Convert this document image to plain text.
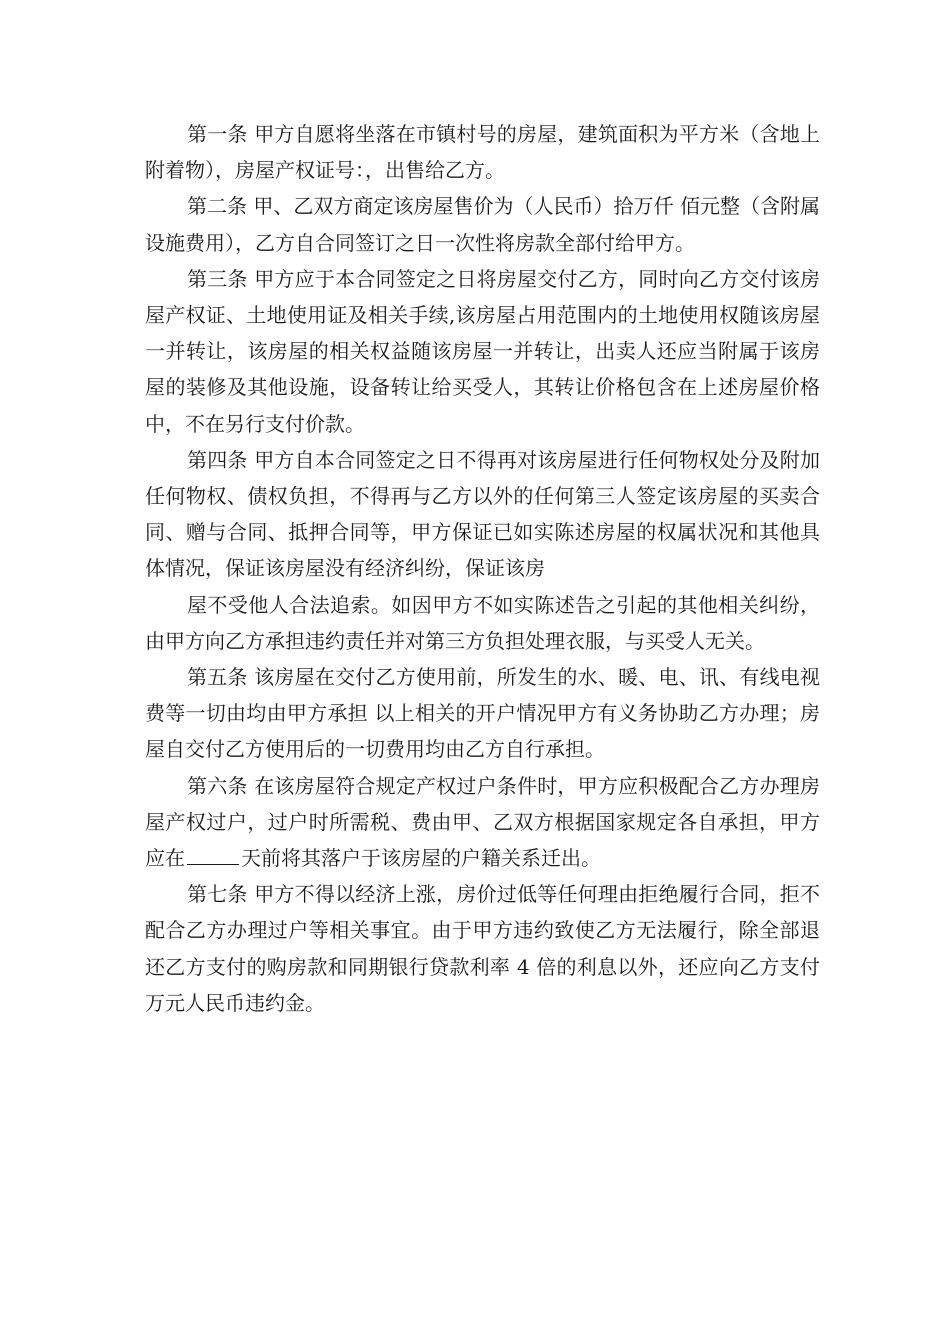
第一条 甲方自愿将坐落在市镇村号的房屋，建筑面积为平方米（含地上附着物），房屋产权证号：，出售给乙方。

第二条 甲、乙双方商定该房屋售价为（人民币）拾万仟 佰元整（含附属设施费用），乙方自合同签订之日一次性将房款全部付给甲方。

第三条 甲方应于本合同签定之日将房屋交付乙方，同时向乙方交付该房屋产权证、土地使用证及相关手续,该房屋占用范围内的土地使用权随该房屋一并转让，该房屋的相关权益随该房屋一并转让，出卖人还应当附属于该房屋的装修及其他设施，设备转让给买受人，其转让价格包含在上述房屋价格中，不在另行支付价款。

第四条 甲方自本合同签定之日不得再对该房屋进行任何物权处分及附加任何物权、债权负担，不得再与乙方以外的任何第三人签定该房屋的买卖合同、赠与合同、抵押合同等，甲方保证已如实陈述房屋的权属状况和其他具体情况，保证该房屋没有经济纠纷，保证该房

屋不受他人合法追索。如因甲方不如实陈述告之引起的其他相关纠纷，由甲方向乙方承担违约责任并对第三方负担处理衣服，与买受人无关。

第五条 该房屋在交付乙方使用前，所发生的水、暖、电、讯、有线电视费等一切由均由甲方承担 以上相关的开户情况甲方有义务协助乙方办理；房屋自交付乙方使用后的一切费用均由乙方自行承担。

第六条 在该房屋符合规定产权过户条件时，甲方应积极配合乙方办理房屋产权过户，过户时所需税、费由甲、乙双方根据国家规定各自承担，甲方应在	天前将其落户于该房屋的户籍关系迁出。

第七条 甲方不得以经济上涨，房价过低等任何理由拒绝履行合同，拒不配合乙方办理过户等相关事宜。由于甲方违约致使乙方无法履行，除全部退还乙方支付的购房款和同期银行贷款利率 4 倍的利息以外，还应向乙方支付万元人民币违约金。
